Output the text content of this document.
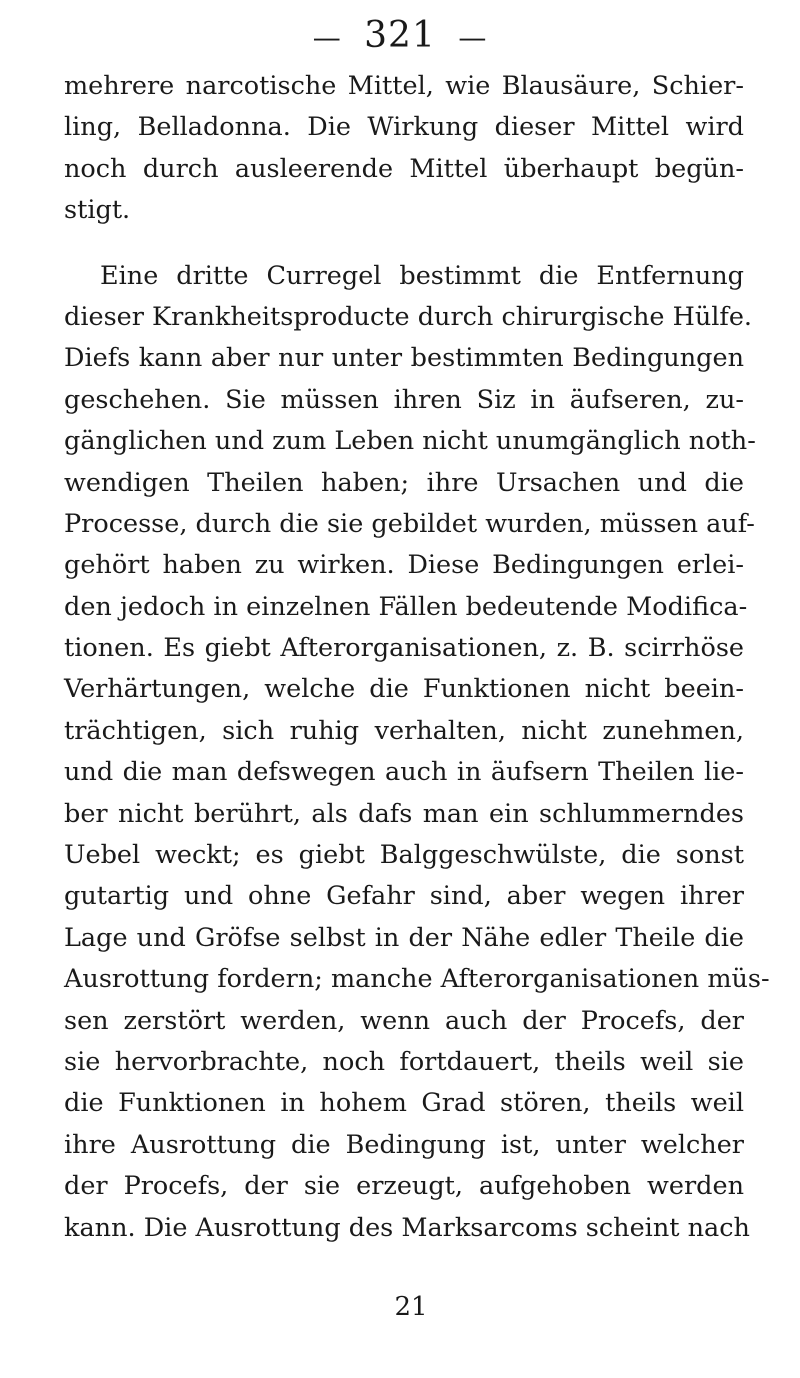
— 321 —
mehrere narcotische Mittel, wie Blausäure, Schier-
ling, Belladonna. Die Wirkung dieser Mittel wird
noch durch ausleerende Mittel überhaupt begün-
stigt.
Eine dritte Curregel bestimmt die Entfernung
dieser Krankheitsproducte durch chirurgische Hülfe.
Diefs kann aber nur unter bestimmten Bedingungen
geschehen. Sie müssen ihren Siz in äufseren, zu-
gänglichen und zum Leben nicht unumgänglich noth-
wendigen Theilen haben; ihre Ursachen und die
Processe, durch die sie gebildet wurden, müssen auf-
gehört haben zu wirken. Diese Bedingungen erlei-
den jedoch in einzelnen Fällen bedeutende Modifica-
tionen. Es giebt Afterorganisationen, z. B. scirrhöse
Verhärtungen, welche die Funktionen nicht beein-
trächtigen, sich ruhig verhalten, nicht zunehmen,
und die man defswegen auch in äufsern Theilen lie-
ber nicht berührt, als dafs man ein schlummerndes
Uebel weckt; es giebt Balggeschwülste, die sonst
gutartig und ohne Gefahr sind, aber wegen ihrer
Lage und Gröfse selbst in der Nähe edler Theile die
Ausrottung fordern; manche Afterorganisationen müs-
sen zerstört werden, wenn auch der Procefs, der
sie hervorbrachte, noch fortdauert, theils weil sie
die Funktionen in hohem Grad stören, theils weil
ihre Ausrottung die Bedingung ist, unter welcher
der Procefs, der sie erzeugt, aufgehoben werden
kann. Die Ausrottung des Marksarcoms scheint nach
21
